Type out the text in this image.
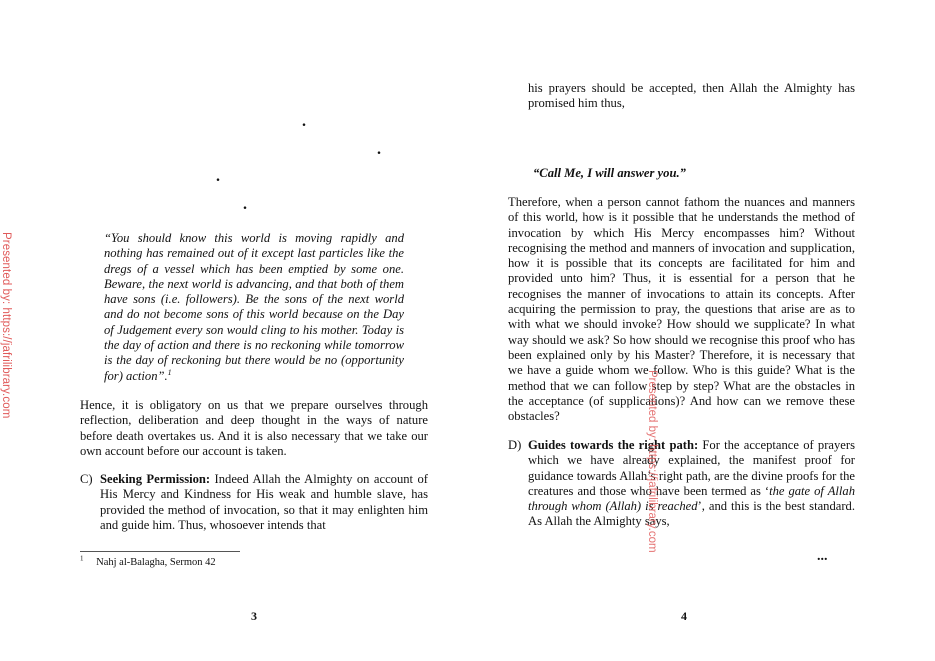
Presented by: https://jafrilibrary.com
.
.
.
.

“You should know this world is moving rapidly and nothing has remained out of it except last particles like the dregs of a vessel which has been emptied by some one. Beware, the next world is advancing, and that both of them have sons (i.e. followers). Be the sons of the next world and do not become sons of this world because on the Day of Judgement every son would cling to his mother. Today is the day of action and there is no reckoning while tomorrow is the day of reckoning but there would be no (opportunity for) action”.$^1$

Hence, it is obligatory on us that we prepare ourselves through reflection, deliberation and deep thought in the ways of nature before death overtakes us. And it is also necessary that we take our own account before our account is taken.

C) Seeking Permission: Indeed Allah the Almighty on account of His Mercy and Kindness for His weak and humble slave, has provided the method of invocation, so that it may enlighten him and guide him. Thus, whosoever intends that

$^1$ Nahj al-Balagha, Sermon 42
3

his prayers should be accepted, then Allah the Almighty has promised him thus,

“Call Me, I will answer you.”

Therefore, when a person cannot fathom the nuances and manners of this world, how is it possible that he understands the method of invocation by which His Mercy encompasses him? Without recognising the method and manners of invocation and supplication, how it is possible that its concepts are facilitated for him and provided unto him? Thus, it is essential for a person that he recognises the manner of invocations to attain its concepts. After acquiring the permission to pray, the questions that arise are as to with what we should invoke? How should we supplicate? In what way should we ask? So how should we recognise this proof who has been explained only by his Master? Therefore, it is necessary that we have a guide whom we follow. Who is this guide? What is the method that we can follow step by step? What are the obstacles in the acceptance (of supplications)? And how can we remove these obstacles?

D) Guides towards the right path: For the acceptance of prayers which we have already explained, the manifest proof for guidance towards Allah’s right path, are the divine proofs for the creatures and those who have been termed as ‘the gate of Allah through whom (Allah) is reached’, and this is the best standard. As Allah the Almighty says,

...
4
Presented by: https://jafrilibrary.com
